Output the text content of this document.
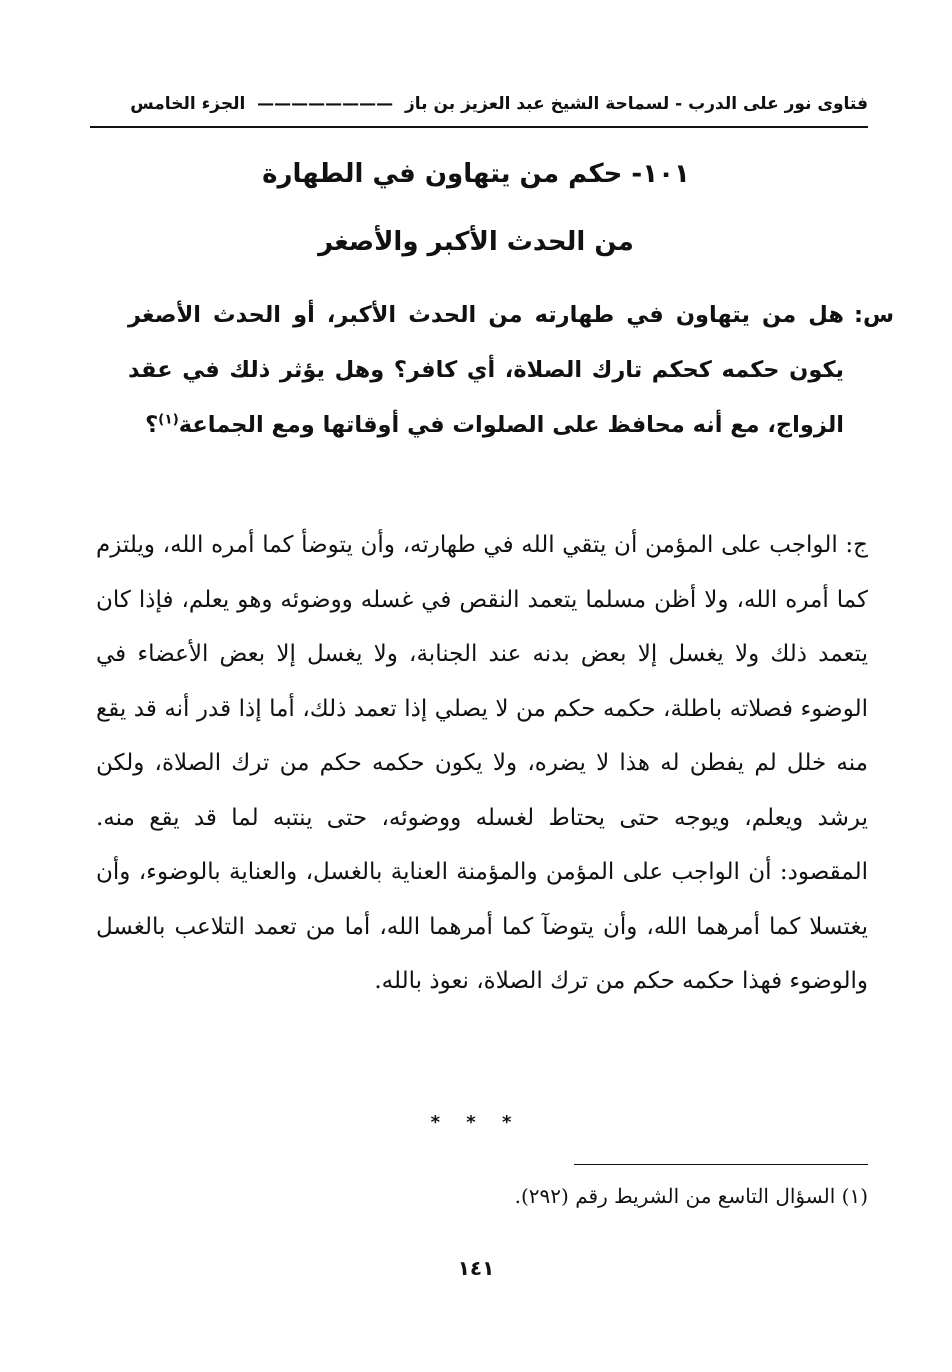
فتاوى نور على الدرب - لسماحة الشيخ عبد العزيز بن باز  ————————  الجزء الخامس
١٠١- حكم من يتهاون في الطهارة
من الحدث الأكبر والأصغر
س:
هل من يتهاون في طهارته من الحدث الأكبر، أو الحدث الأصغر يكون حكمه كحكم تارك الصلاة، أي كافر؟ وهل يؤثر ذلك في عقد الزواج، مع أنه محافظ على الصلوات في أوقاتها ومع الجماعة$^{(١)}$؟
ج: الواجب على المؤمن أن يتقي الله في طهارته، وأن يتوضأ كما أمره الله، ويلتزم كما أمره الله، ولا أظن مسلما يتعمد النقص في غسله ووضوئه وهو يعلم، فإذا كان يتعمد ذلك ولا يغسل إلا بعض بدنه عند الجنابة، ولا يغسل إلا بعض الأعضاء في الوضوء فصلاته باطلة، حكمه حكم من لا يصلي إذا تعمد ذلك، أما إذا قدر أنه قد يقع منه خلل لم يفطن له هذا لا يضره، ولا يكون حكمه حكم من ترك الصلاة، ولكن يرشد ويعلم، ويوجه حتى يحتاط لغسله ووضوئه، حتى ينتبه لما قد يقع منه. المقصود: أن الواجب على المؤمن والمؤمنة العناية بالغسل، والعناية بالوضوء، وأن يغتسلا كما أمرهما الله، وأن يتوضآ كما أمرهما الله، أما من تعمد التلاعب بالغسل والوضوء فهذا حكمه حكم من ترك الصلاة، نعوذ بالله.
* * *
(١) السؤال التاسع من الشريط رقم (٢٩٢).
١٤١
